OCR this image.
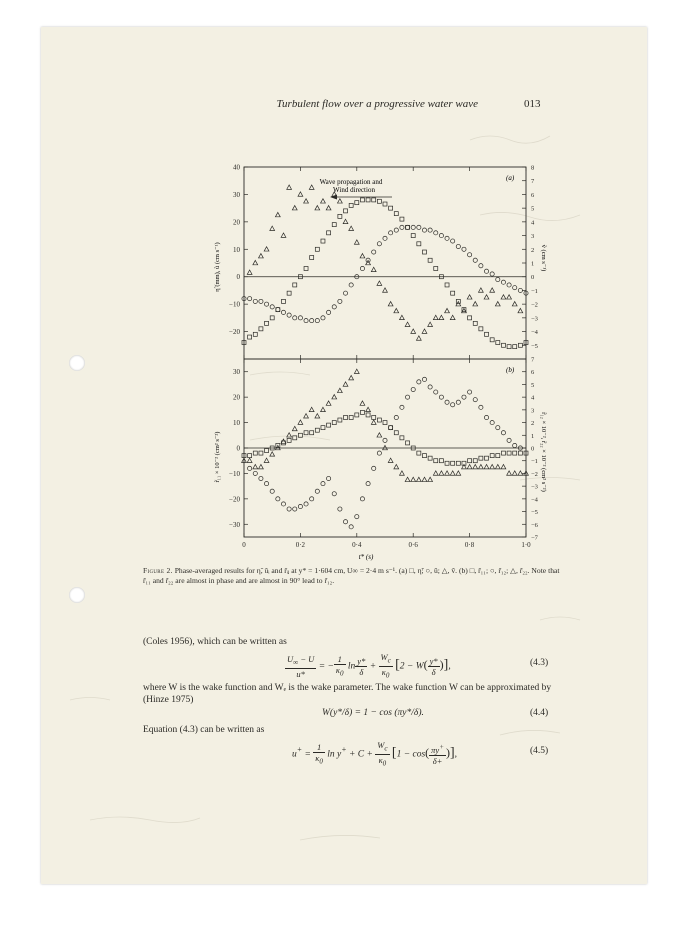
Turbulent flow over a progressive water wave	013
−20
−10
0
10
20
30
40
−5
−4
−3
−2
−1
0
1
2
3
4
5
6
7
8
−30
−20
−10
0
10
20
30
−7
−6
−5
−4
−3
−2
−1
0
1
2
3
4
5
6
7
0	0·2	0·4	0·6	0·8	1·0
(a)
(b)
Wave propagation and
Wind direction
t* (s)
η̃ (mm), ũ (cm s⁻¹)	ṽ (cm s⁻¹)
r̃₁₁ × 10⁻² (cm² s⁻²)	r̃₁₂ × 10⁻², r̃₂₂ × 10⁻² (cm² s⁻²)
Figure 2. Phase-averaged results for η̃, ũᵢ and r̃ᵢⱼ at y* = 1·604 cm, U∞ = 2·4 m s⁻¹. (a) □, η̃; ○, ũ; △, ṽ. (b) □, r̃₁₁; ○, r̃₁₂; △, r̃₂₂. Note that r̃₁₁ and r̃₂₂ are almost in phase and are almost in 90° lead to r̃₁₂.
(Coles 1956), which can be written as
$\frac{U_\infty - U}{u*}$ = − $\frac{1}{\kappa_0}$ $\ln \frac{y*}{\delta} + \frac{W_c}{\kappa_0} [2 - W( \frac{y*}{\delta}$ )],	(4.3)
where W is the wake function and Wₑ is the wake parameter. The wake function W can be approximated by (Hinze 1975)
W(y*/δ) = 1 − cos (πy*/δ).	(4.4)
Equation (4.3) can be written as
$u^+ = \frac{1}{\kappa_0}$ $\ln y^+ + C + \frac{W_c}{\kappa_0} [1 - \cos( \frac{\pi y^+}{\delta+}$ )],	(4.5)
